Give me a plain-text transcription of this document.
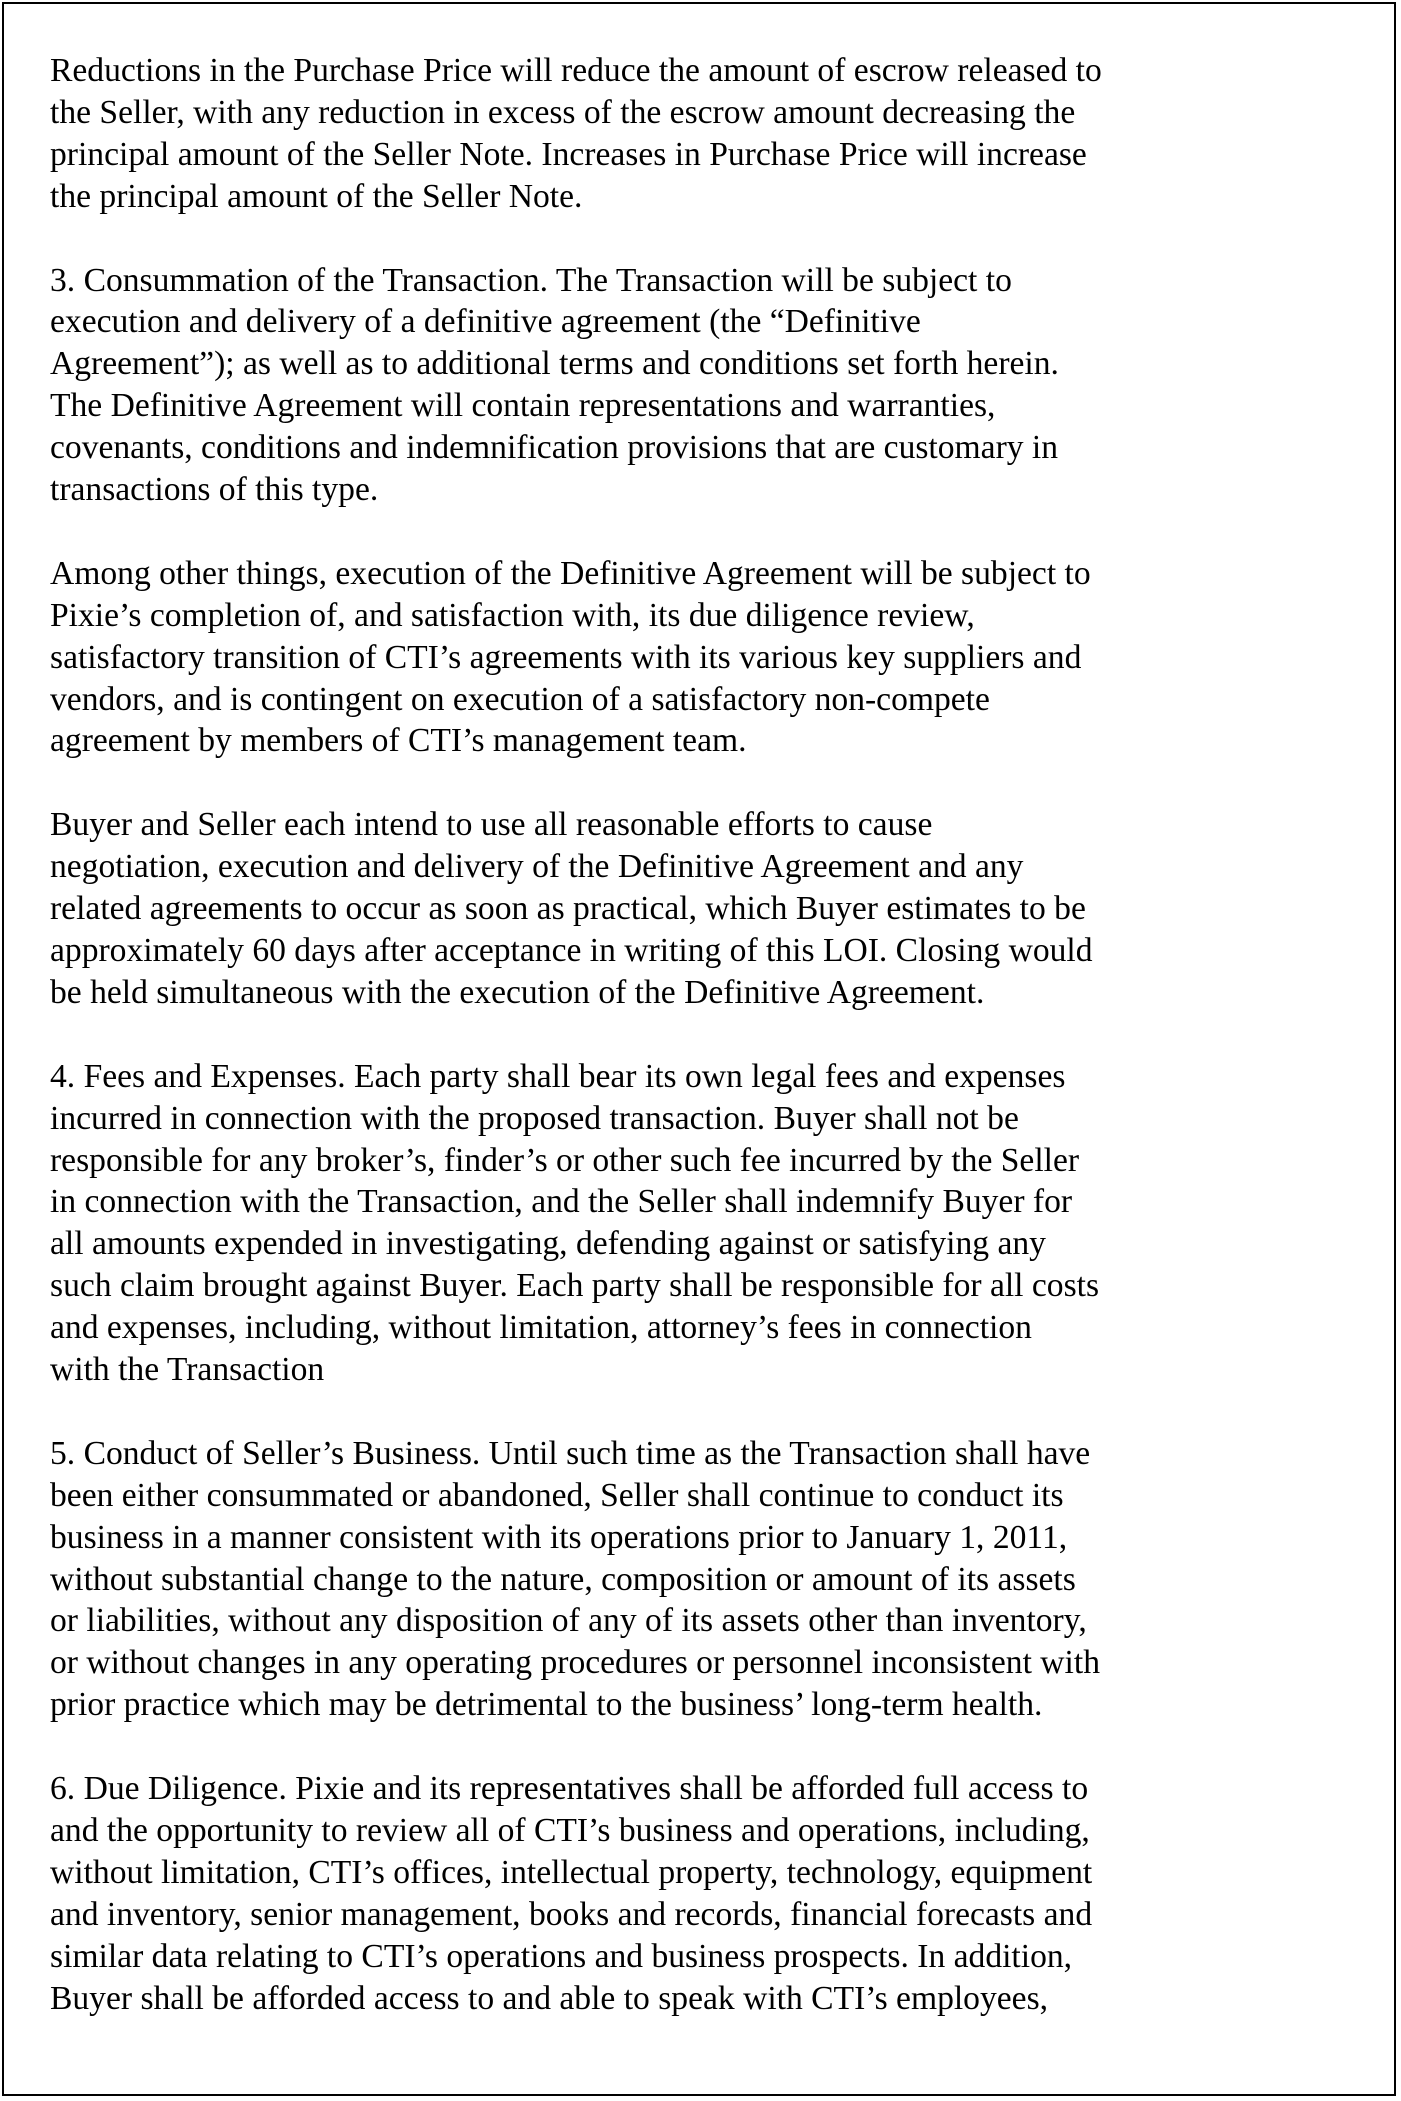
Reductions in the Purchase Price will reduce the amount of escrow released to
the Seller, with any reduction in excess of the escrow amount decreasing the
principal amount of the Seller Note. Increases in Purchase Price will increase
the principal amount of the Seller Note.

3. Consummation of the Transaction. The Transaction will be subject to
execution and delivery of a definitive agreement (the “Definitive
Agreement”); as well as to additional terms and conditions set forth herein.
The Definitive Agreement will contain representations and warranties,
covenants, conditions and indemnification provisions that are customary in
transactions of this type.

Among other things, execution of the Definitive Agreement will be subject to
Pixie’s completion of, and satisfaction with, its due diligence review,
satisfactory transition of CTI’s agreements with its various key suppliers and
vendors, and is contingent on execution of a satisfactory non-compete
agreement by members of CTI’s management team.

Buyer and Seller each intend to use all reasonable efforts to cause
negotiation, execution and delivery of the Definitive Agreement and any
related agreements to occur as soon as practical, which Buyer estimates to be
approximately 60 days after acceptance in writing of this LOI. Closing would
be held simultaneous with the execution of the Definitive Agreement.

4. Fees and Expenses. Each party shall bear its own legal fees and expenses
incurred in connection with the proposed transaction. Buyer shall not be
responsible for any broker’s, finder’s or other such fee incurred by the Seller
in connection with the Transaction, and the Seller shall indemnify Buyer for
all amounts expended in investigating, defending against or satisfying any
such claim brought against Buyer. Each party shall be responsible for all costs
and expenses, including, without limitation, attorney’s fees in connection
with the Transaction

5. Conduct of Seller’s Business. Until such time as the Transaction shall have
been either consummated or abandoned, Seller shall continue to conduct its
business in a manner consistent with its operations prior to January 1, 2011,
without substantial change to the nature, composition or amount of its assets
or liabilities, without any disposition of any of its assets other than inventory,
or without changes in any operating procedures or personnel inconsistent with
prior practice which may be detrimental to the business’ long-term health.

6. Due Diligence. Pixie and its representatives shall be afforded full access to
and the opportunity to review all of CTI’s business and operations, including,
without limitation, CTI’s offices, intellectual property, technology, equipment
and inventory, senior management, books and records, financial forecasts and
similar data relating to CTI’s operations and business prospects. In addition,
Buyer shall be afforded access to and able to speak with CTI’s employees,
